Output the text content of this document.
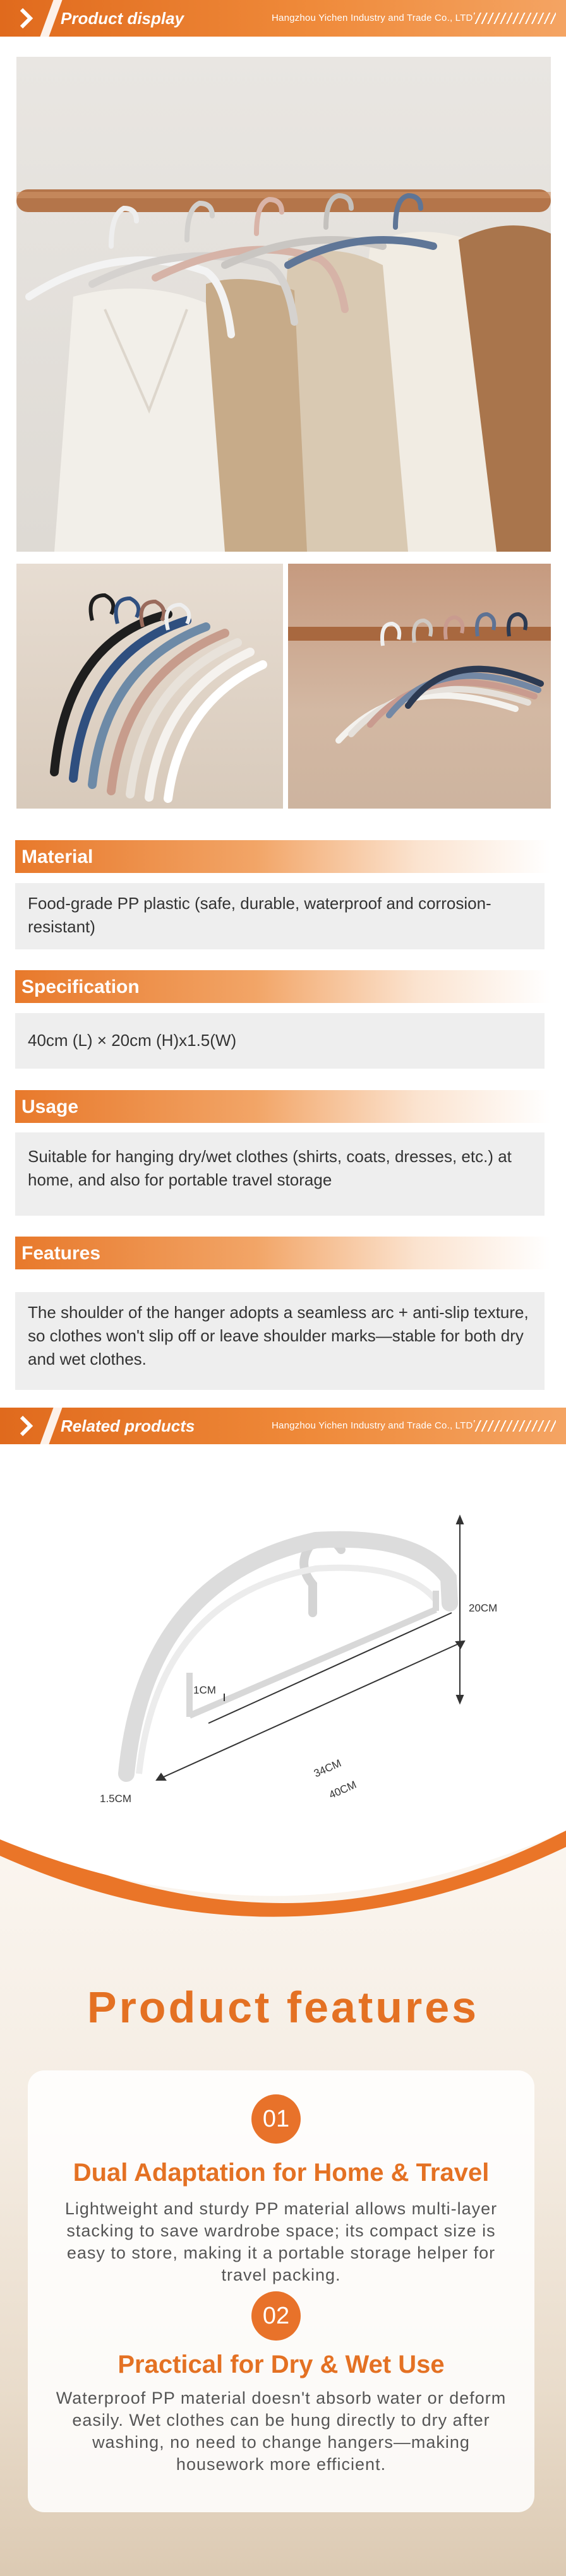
Product display	Hangzhou Yichen Industry and Trade Co., LTD
Material
Food-grade PP plastic (safe, durable, waterproof and corrosion-resistant)
Specification
40cm (L) × 20cm (H)x1.5(W)
Usage
Suitable for hanging dry/wet clothes (shirts, coats, dresses, etc.) at home, and also for portable travel storage
Features
The shoulder of the hanger adopts a seamless arc + anti-slip texture, so clothes won't slip off or leave shoulder marks—stable for both dry and wet clothes.
Related products	Hangzhou Yichen Industry and Trade Co., LTD
20CM
1CM
1.5CM
34CM
40CM
Product features
01
Dual Adaptation for Home & Travel
Lightweight and sturdy PP material allows multi-layer stacking to save wardrobe space; its compact size is easy to store, making it a portable storage helper for travel packing.
02
Practical for Dry & Wet Use
Waterproof PP material doesn't absorb water or deform easily. Wet clothes can be hung directly to dry after washing, no need to change hangers—making housework more efficient.
